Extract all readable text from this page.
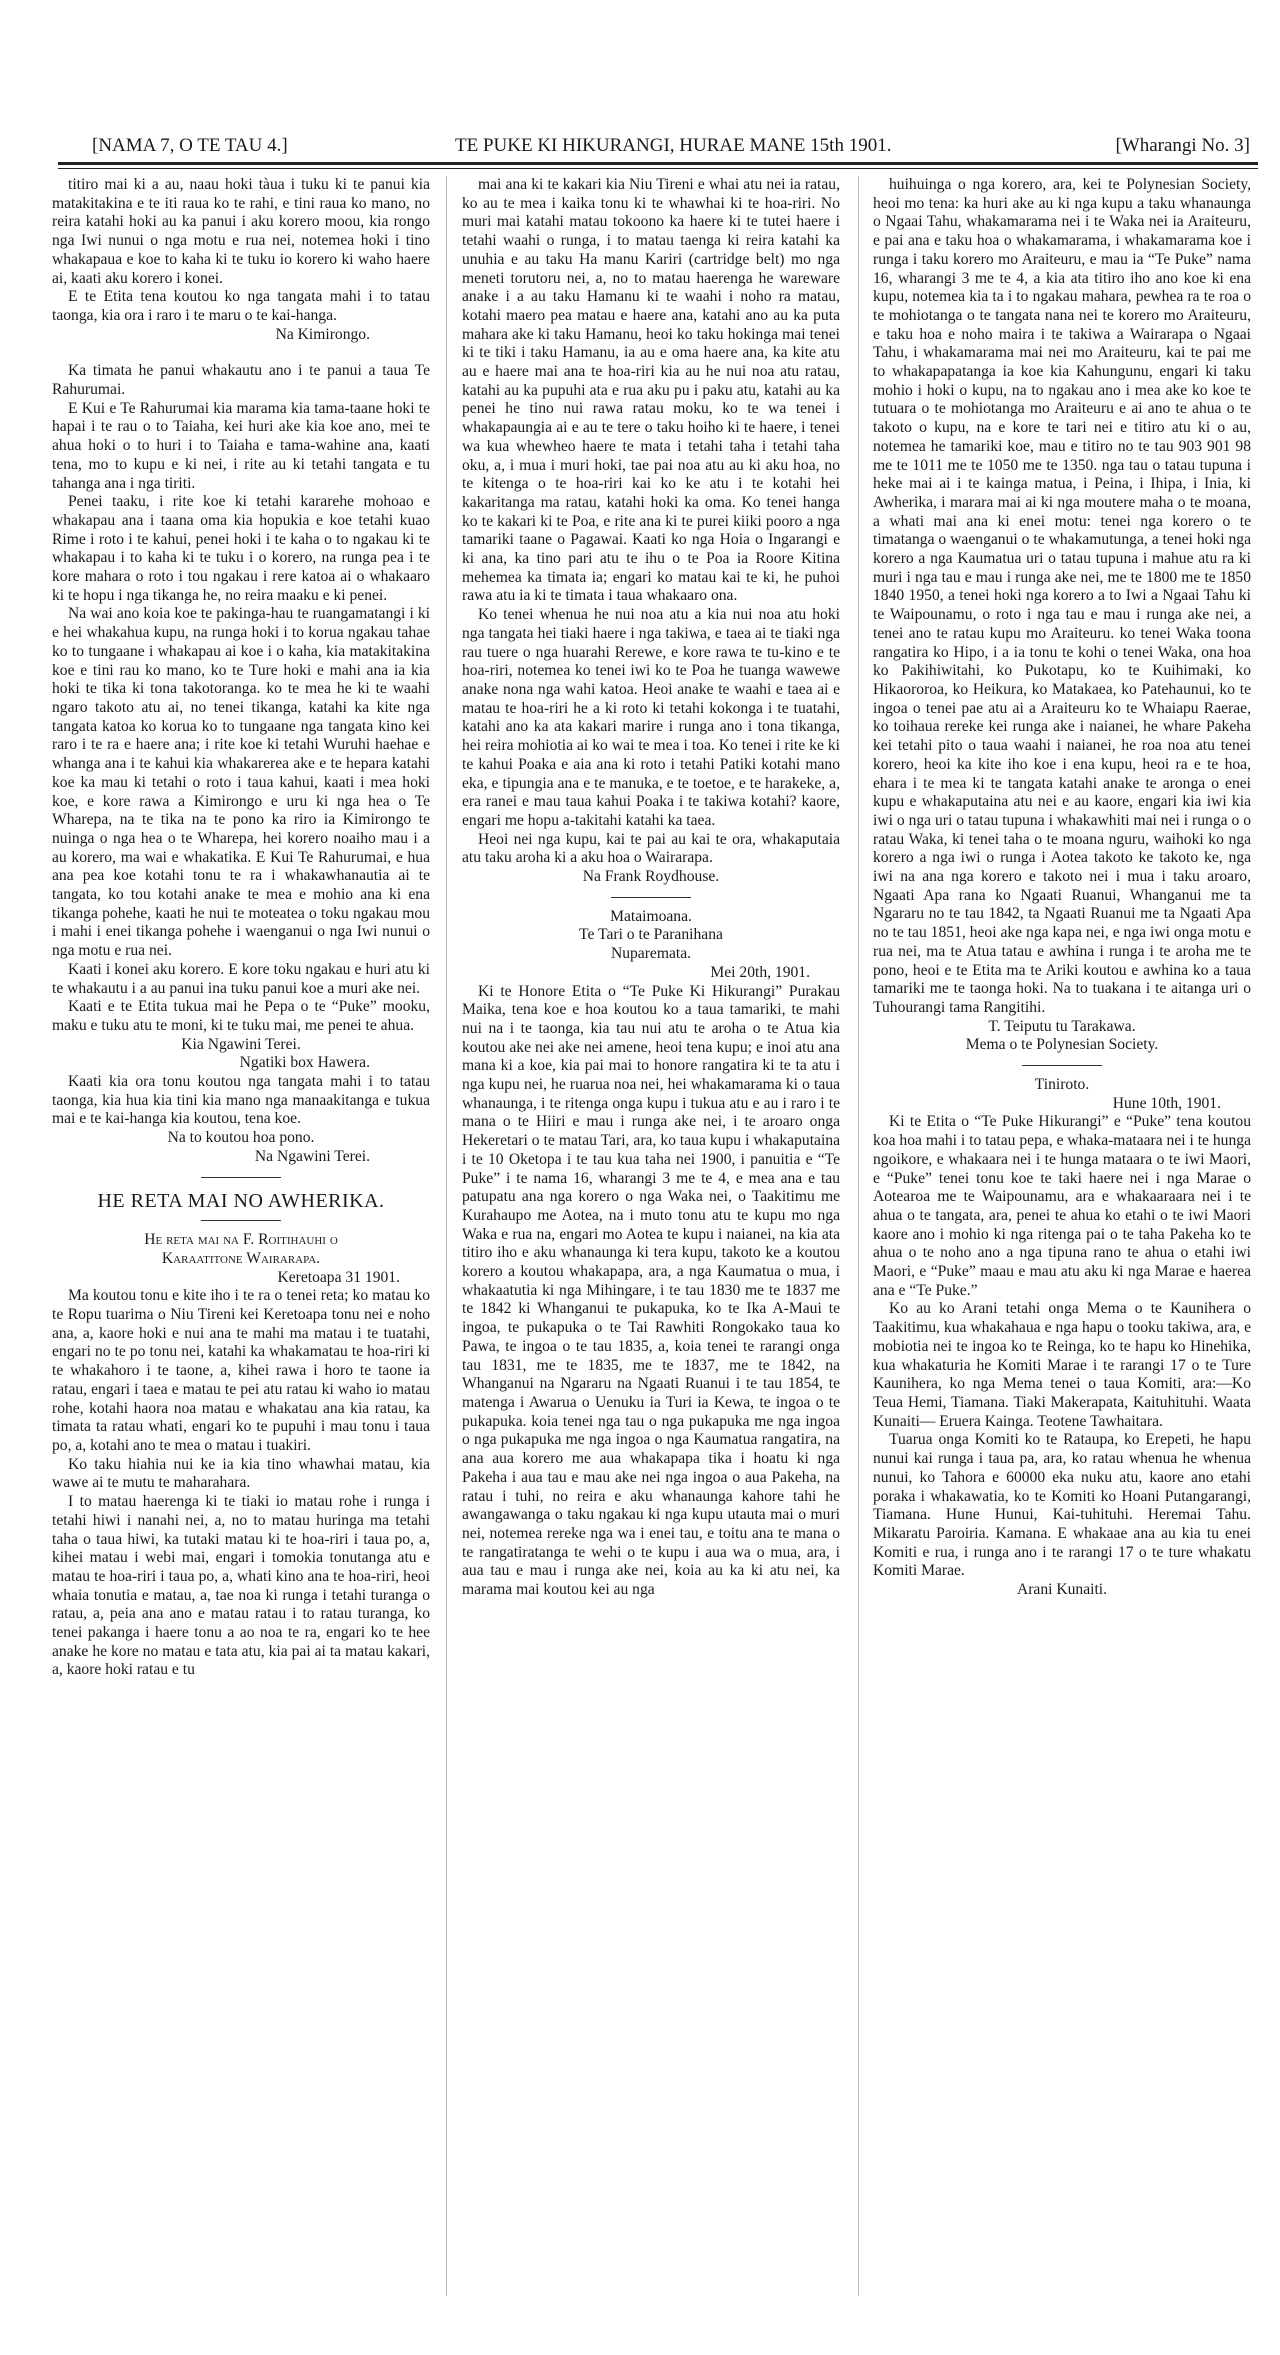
[NAMA 7, O TE TAU 4.]	TE PUKE KI HIKURANGI, HURAE MANE 15th 1901.	[Wharangi No. 3]

titiro mai ki a au, naau hoki tàua i tuku ki te panui kia matakitakina e te iti raua ko te rahi, e tini raua ko mano, no reira katahi hoki au ka panui i aku korero moou, kia rongo nga Iwi nunui o nga motu e rua nei, notemea hoki i tino whakapaua e koe to kaha ki te tuku io korero ki waho haere ai, kaati aku korero i konei.

E te Etita tena koutou ko nga tangata mahi i to tatau taonga, kia ora i raro i te maru o te kai-hanga.

Na Kimirongo.

Ka timata he panui whakautu ano i te panui a taua Te Rahurumai.

E Kui e Te Rahurumai kia marama kia tama-taane hoki te hapai i te rau o to Taiaha, kei huri ake kia koe ano, mei te ahua hoki o to huri i to Taiaha e tama-wahine ana, kaati tena, mo to kupu e ki nei, i rite au ki tetahi tangata e tu tahanga ana i nga tiriti.

Penei taaku, i rite koe ki tetahi kararehe mohoao e whakapau ana i taana oma kia hopukia e koe tetahi kuao Rime i roto i te kahui, penei hoki i te kaha o to ngakau ki te whakapau i to kaha ki te tuku i o korero, na runga pea i te kore mahara o roto i tou ngakau i rere katoa ai o whakaaro ki te hopu i nga tikanga he, no reira maaku e ki penei.

Na wai ano koia koe te pakinga-hau te ruangamatangi i ki e hei whakahua kupu, na runga hoki i to korua ngakau tahae ko to tungaane i whakapau ai koe i o kaha, kia matakitakina koe e tini rau ko mano, ko te Ture hoki e mahi ana ia kia hoki te tika ki tona takotoranga. ko te mea he ki te waahi ngaro takoto atu ai, no tenei tikanga, katahi ka kite nga tangata katoa ko korua ko to tungaane nga tangata kino kei raro i te ra e haere ana; i rite koe ki tetahi Wuruhi haehae e whanga ana i te kahui kia whakarerea ake e te hepara katahi koe ka mau ki tetahi o roto i taua kahui, kaati i mea hoki koe, e kore rawa a Kimirongo e uru ki nga hea o Te Wharepa, na te tika na te pono ka riro ia Kimirongo te nuinga o nga hea o te Wharepa, hei korero noaiho mau i a au korero, ma wai e whakatika. E Kui Te Rahurumai, e hua ana pea koe kotahi tonu te ra i whakawhanautia ai te tangata, ko tou kotahi anake te mea e mohio ana ki ena tikanga pohehe, kaati he nui te moteatea o toku ngakau mou i mahi i enei tikanga pohehe i waenganui o nga Iwi nunui o nga motu e rua nei.

Kaati i konei aku korero. E kore toku ngakau e huri atu ki te whakautu i a au panui ina tuku panui koe a muri ake nei.

Kaati e te Etita tukua mai he Pepa o te “Puke” mooku, maku e tuku atu te moni, ki te tuku mai, me penei te ahua.

Kia Ngawini Terei.

Ngatiki box Hawera.

Kaati kia ora tonu koutou nga tangata mahi i to tatau taonga, kia hua kia tini kia mano nga manaakitanga e tukua mai e te kai-hanga kia koutou, tena koe.

Na to koutou hoa pono.

Na Ngawini Terei.

HE RETA MAI NO AWHERIKA.

He reta mai na F. Roitihauhi o

Karaatitone Wairarapa.

Keretoapa 31 1901.

Ma koutou tonu e kite iho i te ra o tenei reta; ko matau ko te Ropu tuarima o Niu Tireni kei Keretoapa tonu nei e noho ana, a, kaore hoki e nui ana te mahi ma matau i te tuatahi, engari no te po tonu nei, katahi ka whakamatau te hoa-riri ki te whakahoro i te taone, a, kihei rawa i horo te taone ia ratau, engari i taea e matau te pei atu ratau ki waho io matau rohe, kotahi haora noa matau e whakatau ana kia ratau, ka timata ta ratau whati, engari ko te pupuhi i mau tonu i taua po, a, kotahi ano te mea o matau i tuakiri.

Ko taku hiahia nui ke ia kia tino whawhai matau, kia wawe ai te mutu te maharahara.

I to matau haerenga ki te tiaki io matau rohe i runga i tetahi hiwi i nanahi nei, a, no to matau huringa ma tetahi taha o taua hiwi, ka tutaki matau ki te hoa-riri i taua po, a, kihei matau i webi mai, engari i tomokia tonutanga atu e matau te hoa-riri i taua po, a, whati kino ana te hoa-riri, heoi whaia tonutia e matau, a, tae noa ki runga i tetahi turanga o ratau, a, peia ana ano e matau ratau i to ratau turanga, ko tenei pakanga i haere tonu a ao noa te ra, engari ko te hee anake he kore no matau e tata atu, kia pai ai ta matau kakari, a, kaore hoki ratau e tu

mai ana ki te kakari kia Niu Tireni e whai atu nei ia ratau, ko au te mea i kaika tonu ki te whawhai ki te hoa-riri. No muri mai katahi matau tokoono ka haere ki te tutei haere i tetahi waahi o runga, i to matau taenga ki reira katahi ka unuhia e au taku Ha manu Kariri (cartridge belt) mo nga meneti torutoru nei, a, no to matau haerenga he wareware anake i a au taku Hamanu ki te waahi i noho ra matau, kotahi maero pea matau e haere ana, katahi ano au ka puta mahara ake ki taku Hamanu, heoi ko taku hokinga mai tenei ki te tiki i taku Hamanu, ia au e oma haere ana, ka kite atu au e haere mai ana te hoa-riri kia au he nui noa atu ratau, katahi au ka pupuhi ata e rua aku pu i paku atu, katahi au ka penei he tino nui rawa ratau moku, ko te wa tenei i whakapaungia ai e au te tere o taku hoiho ki te haere, i tenei wa kua whewheo haere te mata i tetahi taha i tetahi taha oku, a, i mua i muri hoki, tae pai noa atu au ki aku hoa, no te kitenga o te hoa-riri kai ko ke atu i te kotahi hei kakaritanga ma ratau, katahi hoki ka oma. Ko tenei hanga ko te kakari ki te Poa, e rite ana ki te purei kiiki pooro a nga tamariki taane o Pagawai. Kaati ko nga Hoia o Ingarangi e ki ana, ka tino pari atu te ihu o te Poa ia Roore Kitina mehemea ka timata ia; engari ko matau kai te ki, he puhoi rawa atu ia ki te timata i taua whakaaro ona.

Ko tenei whenua he nui noa atu a kia nui noa atu hoki nga tangata hei tiaki haere i nga takiwa, e taea ai te tiaki nga rau tuere o nga huarahi Rerewe, e kore rawa te tu-kino e te hoa-riri, notemea ko tenei iwi ko te Poa he tuanga wawewe anake nona nga wahi katoa. Heoi anake te waahi e taea ai e matau te hoa-riri he a ki roto ki tetahi kokonga i te tuatahi, katahi ano ka ata kakari marire i runga ano i tona tikanga, hei reira mohiotia ai ko wai te mea i toa. Ko tenei i rite ke ki te kahui Poaka e aia ana ki roto i tetahi Patiki kotahi mano eka, e tipungia ana e te manuka, e te toetoe, e te harakeke, a, era ranei e mau taua kahui Poaka i te takiwa kotahi? kaore, engari me hopu a-takitahi katahi ka taea.

Heoi nei nga kupu, kai te pai au kai te ora, whakaputaia atu taku aroha ki a aku hoa o Wairarapa.

Na Frank Roydhouse.

Mataimoana.

Te Tari o te Paranihana

Nuparemata.

Mei 20th, 1901.

Ki te Honore Etita o “Te Puke Ki Hikurangi” Purakau Maika, tena koe e hoa koutou ko a taua tamariki, te mahi nui na i te taonga, kia tau nui atu te aroha o te Atua kia koutou ake nei ake nei amene, heoi tena kupu; e inoi atu ana mana ki a koe, kia pai mai to honore rangatira ki te ta atu i nga kupu nei, he ruarua noa nei, hei whakamarama ki o taua whanaunga, i te ritenga onga kupu i tukua atu e au i raro i te mana o te Hiiri e mau i runga ake nei, i te aroaro onga Hekeretari o te matau Tari, ara, ko taua kupu i whakaputaina i te 10 Oketopa i te tau kua taha nei 1900, i panuitia e “Te Puke” i te nama 16, wharangi 3 me te 4, e mea ana e tau patupatu ana nga korero o nga Waka nei, o Taakitimu me Kurahaupo me Aotea, na i muto tonu atu te kupu mo nga Waka e rua na, engari mo Aotea te kupu i naianei, na kia ata titiro iho e aku whanaunga ki tera kupu, takoto ke a koutou korero a koutou whakapapa, ara, a nga Kaumatua o mua, i whakaatutia ki nga Mihingare, i te tau 1830 me te 1837 me te 1842 ki Whanganui te pukapuka, ko te Ika A-Maui te ingoa, te pukapuka o te Tai Rawhiti Rongokako taua ko Pawa, te ingoa o te tau 1835, a, koia tenei te rarangi onga tau 1831, me te 1835, me te 1837, me te 1842, na Whanganui na Ngararu na Ngaati Ruanui i te tau 1854, te matenga i Awarua o Uenuku ia Turi ia Kewa, te ingoa o te pukapuka. koia tenei nga tau o nga pukapuka me nga ingoa o nga pukapuka me nga ingoa o nga Kaumatua rangatira, na ana aua korero me aua whakapapa tika i hoatu ki nga Pakeha i aua tau e mau ake nei nga ingoa o aua Pakeha, na ratau i tuhi, no reira e aku whanaunga kahore tahi he awangawanga o taku ngakau ki nga kupu utauta mai o muri nei, notemea rereke nga wa i enei tau, e toitu ana te mana o te rangatiratanga te wehi o te kupu i aua wa o mua, ara, i aua tau e mau i runga ake nei, koia au ka ki atu nei, ka marama mai koutou kei au nga

huihuinga o nga korero, ara, kei te Polynesian Society, heoi mo tena: ka huri ake au ki nga kupu a taku whanaunga o Ngaai Tahu, whakamarama nei i te Waka nei ia Araiteuru, e pai ana e taku hoa o whakamarama, i whakamarama koe i runga i taku korero mo Araiteuru, e mau ia “Te Puke” nama 16, wharangi 3 me te 4, a kia ata titiro iho ano koe ki ena kupu, notemea kia ta i to ngakau mahara, pewhea ra te roa o te mohiotanga o te tangata nana nei te korero mo Araiteuru, e taku hoa e noho maira i te takiwa a Wairarapa o Ngaai Tahu, i whakamarama mai nei mo Araiteuru, kai te pai me to whakapapatanga ia koe kia Kahungunu, engari ki taku mohio i hoki o kupu, na to ngakau ano i mea ake ko koe te tutuara o te mohiotanga mo Araiteuru e ai ano te ahua o te takoto o kupu, na e kore te tari nei e titiro atu ki o au, notemea he tamariki koe, mau e titiro no te tau 903 901 98 me te 1011 me te 1050 me te 1350. nga tau o tatau tupuna i heke mai ai i te kainga matua, i Peina, i Ihipa, i Inia, ki Awherika, i marara mai ai ki nga moutere maha o te moana, a whati mai ana ki enei motu: tenei nga korero o te timatanga o waenganui o te whakamutunga, a tenei hoki nga korero a nga Kaumatua uri o tatau tupuna i mahue atu ra ki muri i nga tau e mau i runga ake nei, me te 1800 me te 1850 1840 1950, a tenei hoki nga korero a to Iwi a Ngaai Tahu ki te Waipounamu, o roto i nga tau e mau i runga ake nei, a tenei ano te ratau kupu mo Araiteuru. ko tenei Waka toona rangatira ko Hipo, i a ia tonu te kohi o tenei Waka, ona hoa ko Pakihiwitahi, ko Pukotapu, ko te Kuihimaki, ko Hikaororoa, ko Heikura, ko Matakaea, ko Patehaunui, ko te ingoa o tenei pae atu ai a Araiteuru ko te Whaiapu Raerae, ko toihaua rereke kei runga ake i naianei, he whare Pakeha kei tetahi pito o taua waahi i naianei, he roa noa atu tenei korero, heoi ka kite iho koe i ena kupu, heoi ra e te hoa, ehara i te mea ki te tangata katahi anake te aronga o enei kupu e whakaputaina atu nei e au kaore, engari kia iwi kia iwi o nga uri o tatau tupuna i whakawhiti mai nei i runga o o ratau Waka, ki tenei taha o te moana nguru, waihoki ko nga korero a nga iwi o runga i Aotea takoto ke takoto ke, nga iwi na ana nga korero e takoto nei i mua i taku aroaro, Ngaati Apa rana ko Ngaati Ruanui, Whanganui me ta Ngararu no te tau 1842, ta Ngaati Ruanui me ta Ngaati Apa no te tau 1851, heoi ake nga kapa nei, e nga iwi onga motu e rua nei, ma te Atua tatau e awhina i runga i te aroha me te pono, heoi e te Etita ma te Ariki koutou e awhina ko a taua tamariki me te taonga hoki. Na to tuakana i te aitanga uri o Tuhourangi tama Rangitihi.

T. Teiputu tu Tarakawa.

Mema o te Polynesian Society.

Tiniroto.

Hune 10th, 1901.

Ki te Etita o “Te Puke Hikurangi” e “Puke” tena koutou koa hoa mahi i to tatau pepa, e whaka-mataara nei i te hunga ngoikore, e whakaara nei i te hunga mataara o te iwi Maori, e “Puke” tenei tonu koe te taki haere nei i nga Marae o Aotearoa me te Waipounamu, ara e whakaaraara nei i te ahua o te tangata, ara, penei te ahua ko etahi o te iwi Maori kaore ano i mohio ki nga ritenga pai o te taha Pakeha ko te ahua o te noho ano a nga tipuna rano te ahua o etahi iwi Maori, e “Puke” maau e mau atu aku ki nga Marae e haerea ana e “Te Puke.”

Ko au ko Arani tetahi onga Mema o te Kaunihera o Taakitimu, kua whakahaua e nga hapu o tooku takiwa, ara, e mobiotia nei te ingoa ko te Reinga, ko te hapu ko Hinehika, kua whakaturia he Komiti Marae i te rarangi 17 o te Ture Kaunihera, ko nga Mema tenei o taua Komiti, ara:—Ko Teua Hemi, Tiamana. Tiaki Makerapata, Kaituhituhi. Waata Kunaiti— Eruera Kainga. Teotene Tawhaitara.

Tuarua onga Komiti ko te Rataupa, ko Erepeti, he hapu nunui kai runga i taua pa, ara, ko ratau whenua he whenua nunui, ko Tahora e 60000 eka nuku atu, kaore ano etahi poraka i whakawatia, ko te Komiti ko Hoani Putangarangi, Tiamana. Hune Hunui, Kai-tuhituhi. Heremai Tahu. Mikaratu Paroiria. Kamana. E whakaae ana au kia tu enei Komiti e rua, i runga ano i te rarangi 17 o te ture whakatu Komiti Marae.

Arani Kunaiti.
